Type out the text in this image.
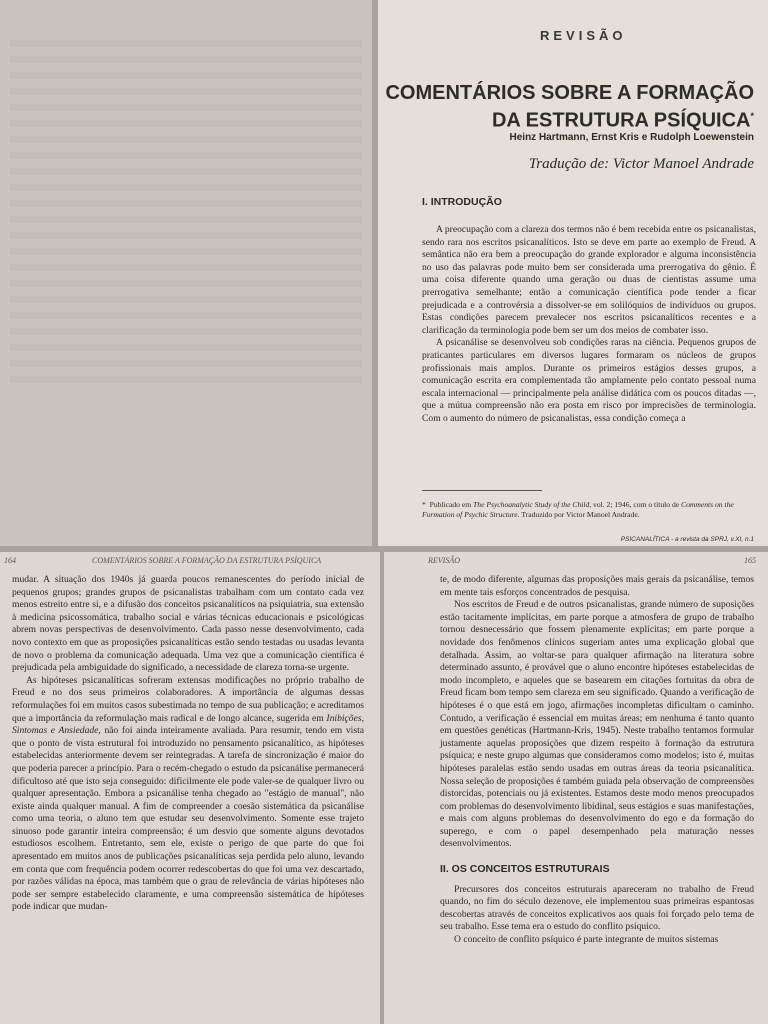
REVISÃO
COMENTÁRIOS SOBRE A FORMAÇÃO
DA ESTRUTURA PSÍQUICA*
Heinz Hartmann, Ernst Kris e Rudolph Loewenstein
Tradução de: Victor Manoel Andrade
I. INTRODUÇÃO

A preocupação com a clareza dos termos não é bem recebida entre os psicanalistas, sendo rara nos escritos psicanalíticos. Isto se deve em parte ao exemplo de Freud. A semântica não era bem a preocupação do grande explorador e alguma inconsistência no uso das palavras pode muito bem ser considerada uma prerrogativa do gênio. É uma coisa diferente quando uma geração ou duas de cientistas assume uma prerrogativa semelhante; então a comunicação científica pode tender a ficar prejudicada e a controvérsia a dissolver-se em solilóquios de indivíduos ou grupos. Estas condições parecem prevalecer nos escritos psicanalíticos recentes e a clarificação da terminologia pode bem ser um dos meios de combater isso.

A psicanálise se desenvolveu sob condições raras na ciência. Pequenos grupos de praticantes particulares em diversos lugares formaram os núcleos de grupos profissionais mais amplos. Durante os primeiros estágios desses grupos, a comunicação escrita era complementada tão amplamente pelo contato pessoal numa escala internacional — principalmente pela análise didática com os poucos ditadas —, que a mútua compreensão não era posta em risco por imprecisões de terminologia. Com o aumento do número de psicanalistas, essa condição começa a

*  Publicado em The Psychoanalytic Study of the Child, vol. 2; 1946, com o título de Comments on the Formation of Psychic Structure. Traduzido por Victor Manoel Andrade.
PSICANALÍTICA - a revista da SPRJ, v.XI, n.1
164	COMENTÁRIOS SOBRE A FORMAÇÃO DA ESTRUTURA PSÍQUICA

mudar. A situação dos 1940s já guarda poucos remanescentes do período inicial de pequenos grupos; grandes grupos de psicanalistas trabalham com um contato cada vez menos estreito entre si, e a difusão dos conceitos psicanalíticos na psiquiatria, sua extensão à medicina psicossomática, trabalho social e várias técnicas educacionais e psicológicas abrem novas perspectivas de desenvolvimento. Cada passo nesse desenvolvimento, cada novo contexto em que as proposições psicanalíticas estão sendo testadas ou usadas levanta de novo o problema da comunicação adequada. Uma vez que a comunicação científica é prejudicada pela ambiguidade do significado, a necessidade de clareza torna-se urgente.

As hipóteses psicanalíticas sofreram extensas modificações no próprio trabalho de Freud e no dos seus primeiros colaboradores. A importância de algumas dessas reformulações foi em muitos casos subestimada no tempo de sua publicação; e acreditamos que a importância da reformulação mais radical e de longo alcance, sugerida em Inibições, Sintomas e Ansiedade, não foi ainda inteiramente avaliada. Para resumir, tendo em vista que o ponto de vista estrutural foi introduzido no pensamento psicanalítico, as hipóteses estabelecidas anteriormente devem ser reintegradas. A tarefa de sincronização é maior do que poderia parecer a princípio. Para o recém-chegado o estudo da psicanálise permanecerá dificultoso até que isto seja conseguido: dificilmente ele pode valer-se de qualquer livro ou qualquer apresentação. Embora a psicanálise tenha chegado ao "estágio de manual", não existe ainda qualquer manual. A fim de compreender a coesão sistemática da psicanálise como uma teoria, o aluno tem que estudar seu desenvolvimento. Somente esse trajeto sinuoso pode garantir inteira compreensão; é um desvio que somente alguns devotados estudiosos escolhem. Entretanto, sem ele, existe o perigo de que parte do que foi apresentado em muitos anos de publicações psicanalíticas seja perdida pelo aluno, levando em conta que com frequência podem ocorrer redescobertas do que foi uma vez descartado, por razões válidas na época, mas também que o grau de relevância de várias hipóteses não pode ser sempre estabelecido claramente, e uma compreensão sistemática de hipóteses pode indicar que mudan-

REVISÃO	165

te, de modo diferente, algumas das proposições mais gerais da psicanálise, temos em mente tais esforços concentrados de pesquisa.

Nos escritos de Freud e de outros psicanalistas, grande número de suposições estão tacitamente implícitas, em parte porque a atmosfera de grupo de trabalho tornou desnecessário que fossem plenamente explícitas; em parte porque a novidade dos fenômenos clínicos sugeriam antes uma explicação global que detalhada. Assim, ao voltar-se para qualquer afirmação na literatura sobre determinado assunto, é provável que o aluno encontre hipóteses estabelecidas de modo incompleto, e aqueles que se basearem em citações fortuitas da obra de Freud ficam bom tempo sem clareza em seu significado. Quando a verificação de hipóteses é o que está em jogo, afirmações incompletas dificultam o caminho. Contudo, a verificação é essencial em muitas áreas; em nenhuma é tanto quanto em questões genéticas (Hartmann-Kris, 1945). Neste trabalho tentamos formular justamente aquelas proposições que dizem respeito à formação da estrutura psíquica; e neste grupo algumas que consideramos como modelos; isto é, muitas hipóteses paralelas estão sendo usadas em outras áreas da teoria psicanalítica. Nossa seleção de proposições é também guiada pela observação de compreensões distorcidas, potenciais ou já existentes. Estamos deste modo menos preocupados com problemas do desenvolvimento libidinal, seus estágios e suas manifestações, e mais com alguns problemas do desenvolvimento do ego e da formação do superego, e com o papel desempenhado pela maturação nesses desenvolvimentos.

II. OS CONCEITOS ESTRUTURAIS

Precursores dos conceitos estruturais apareceram no trabalho de Freud quando, no fim do século dezenove, ele implementou suas primeiras espantosas descobertas através de conceitos explicativos aos quais foi forçado pelo tema de seu trabalho. Esse tema era o estudo do conflito psíquico.

O conceito de conflito psíquico é parte integrante de muitos sistemas
